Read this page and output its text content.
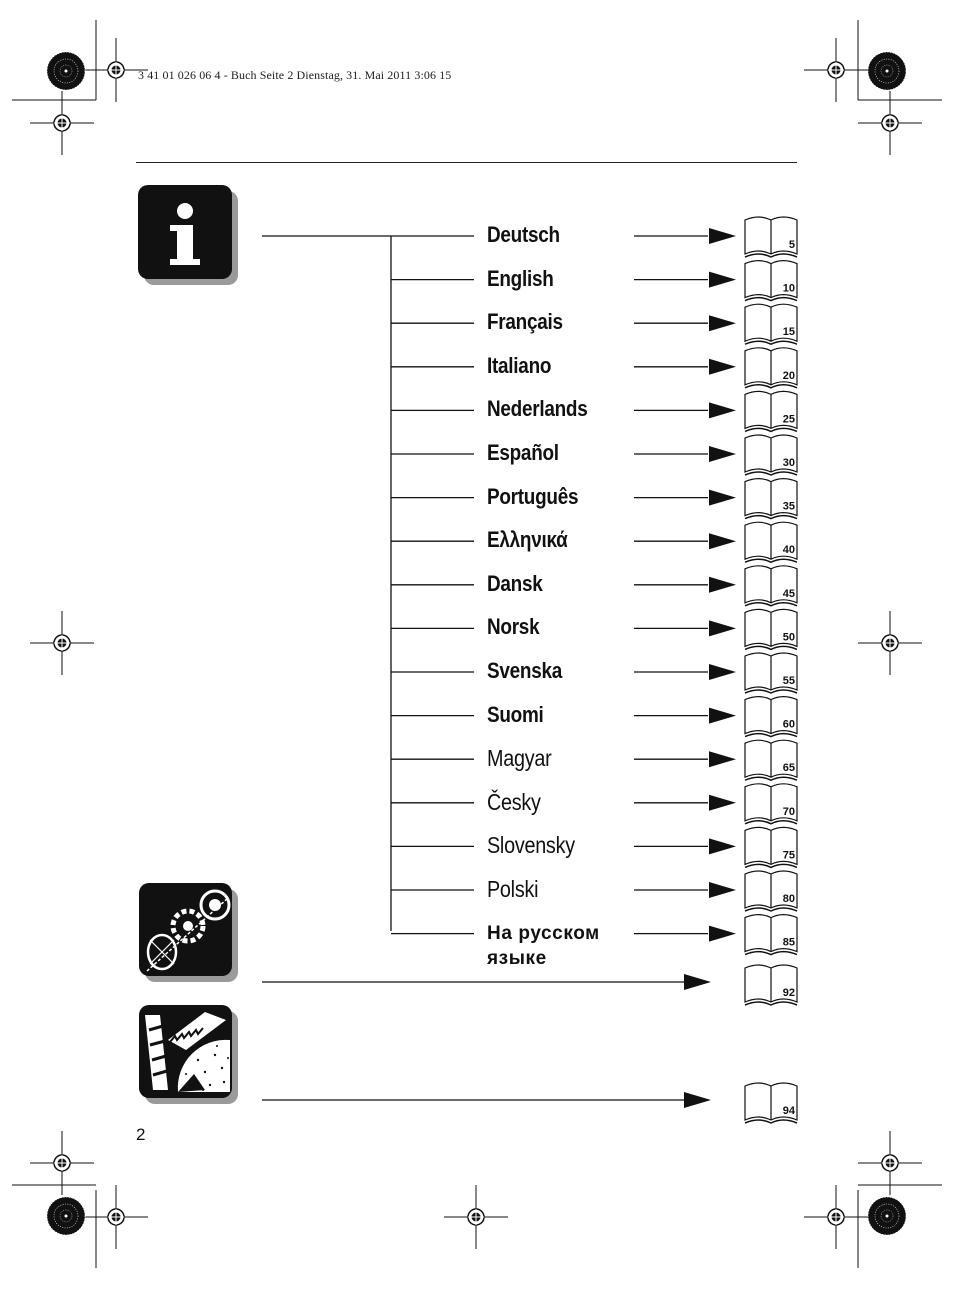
3 41 01 026 06 4 - Buch Seite 2 Dienstag, 31. Mai 2011 3:06 15
5
10
15
20
25
30
35
40
45
50
55
60
65
70
75
80
85
92
94
Deutsch
English
Français
Italiano
Nederlands
Español
Português
Ελληνικά
Dansk
Norsk
Svenska
Suomi
Magyar
Česky
Slovensky
Polski
На русском языке
2
